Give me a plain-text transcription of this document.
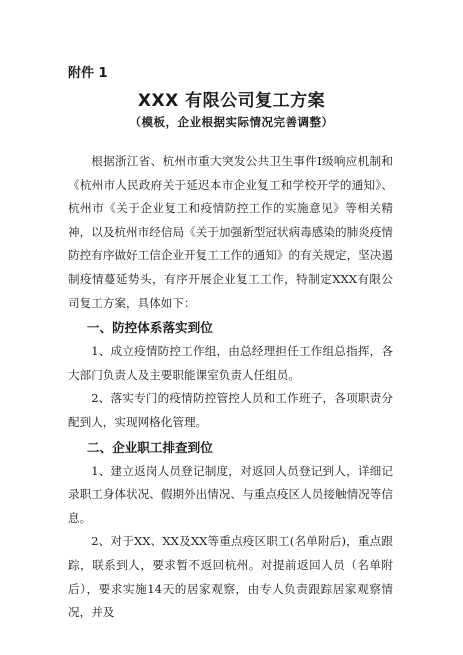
附件 1
XXX 有限公司复工方案
（模板，企业根据实际情况完善调整）

根据浙江省、杭州市重大突发公共卫生事件Ⅰ级响应机制和《杭州市人民政府关于延迟本市企业复工和学校开学的通知》、杭州市《关于企业复工和疫情防控工作的实施意见》等相关精神，以及杭州市经信局《关于加强新型冠状病毒感染的肺炎疫情防控有序做好工信企业开复工工作的通知》的有关规定，坚决遏制疫情蔓延势头，有序开展企业复工工作，特制定XXX有限公司复工方案，具体如下：

一、防控体系落实到位

1、成立疫情防控工作组，由总经理担任工作组总指挥，各大部门负责人及主要职能课室负责人任组员。

2、落实专门的疫情防控管控人员和工作班子，各项职责分配到人，实现网格化管理。

二、企业职工排查到位

1、建立返岗人员登记制度，对返回人员登记到人，详细记录职工身体状况、假期外出情况、与重点疫区人员接触情况等信息。

2、对于XX、XX及XX等重点疫区职工(名单附后)，重点跟踪，联系到人，要求暂不返回杭州。对提前返回人员（名单附后），要求实施14天的居家观察，由专人负责跟踪居家观察情况，并及
